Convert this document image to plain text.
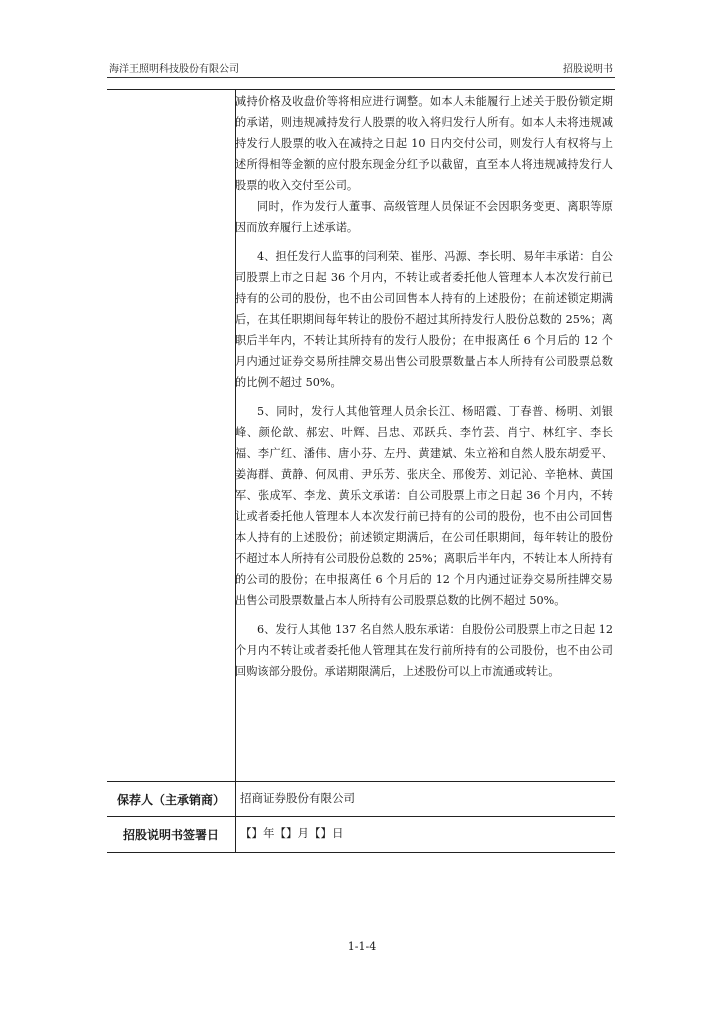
海洋王照明科技股份有限公司	招股说明书

减持价格及收盘价等将相应进行调整。如本人未能履行上述关于股份锁定期的承诺，则违规减持发行人股票的收入将归发行人所有。如本人未将违规减持发行人股票的收入在减持之日起 10 日内交付公司，则发行人有权将与上述所得相等金额的应付股东现金分红予以截留，直至本人将违规减持发行人股票的收入交付至公司。

同时，作为发行人董事、高级管理人员保证不会因职务变更、离职等原因而放弃履行上述承诺。

4、担任发行人监事的闫利荣、崔彤、冯源、李长明、易年丰承诺：自公司股票上市之日起 36 个月内，不转让或者委托他人管理本人本次发行前已持有的公司的股份，也不由公司回售本人持有的上述股份；在前述锁定期满后，在其任职期间每年转让的股份不超过其所持发行人股份总数的 25%；离职后半年内，不转让其所持有的发行人股份；在申报离任 6 个月后的 12 个月内通过证券交易所挂牌交易出售公司股票数量占本人所持有公司股票总数的比例不超过 50%。

5、同时，发行人其他管理人员余长江、杨昭霞、丁春普、杨明、刘银峰、颜伦歆、郝宏、叶辉、吕忠、邓跃兵、李竹芸、肖宁、林红宇、李长福、李广红、潘伟、唐小芬、左丹、黄建斌、朱立裕和自然人股东胡爱平、姜海群、黄静、何凤甫、尹乐芳、张庆全、邢俊芳、刘记沁、辛艳林、黄国军、张成军、李龙、黄乐文承诺：自公司股票上市之日起 36 个月内，不转让或者委托他人管理本人本次发行前已持有的公司的股份，也不由公司回售本人持有的上述股份；前述锁定期满后，在公司任职期间，每年转让的股份不超过本人所持有公司股份总数的 25%；离职后半年内，不转让本人所持有的公司的股份；在申报离任 6 个月后的 12 个月内通过证券交易所挂牌交易出售公司股票数量占本人所持有公司股票总数的比例不超过 50%。

6、发行人其他 137 名自然人股东承诺：自股份公司股票上市之日起 12 个月内不转让或者委托他人管理其在发行前所持有的公司股份，也不由公司回购该部分股份。承诺期限满后，上述股份可以上市流通或转让。

保荐人（主承销商）	招商证券股份有限公司
招股说明书签署日	【】年【】月【】日
1-1-4
